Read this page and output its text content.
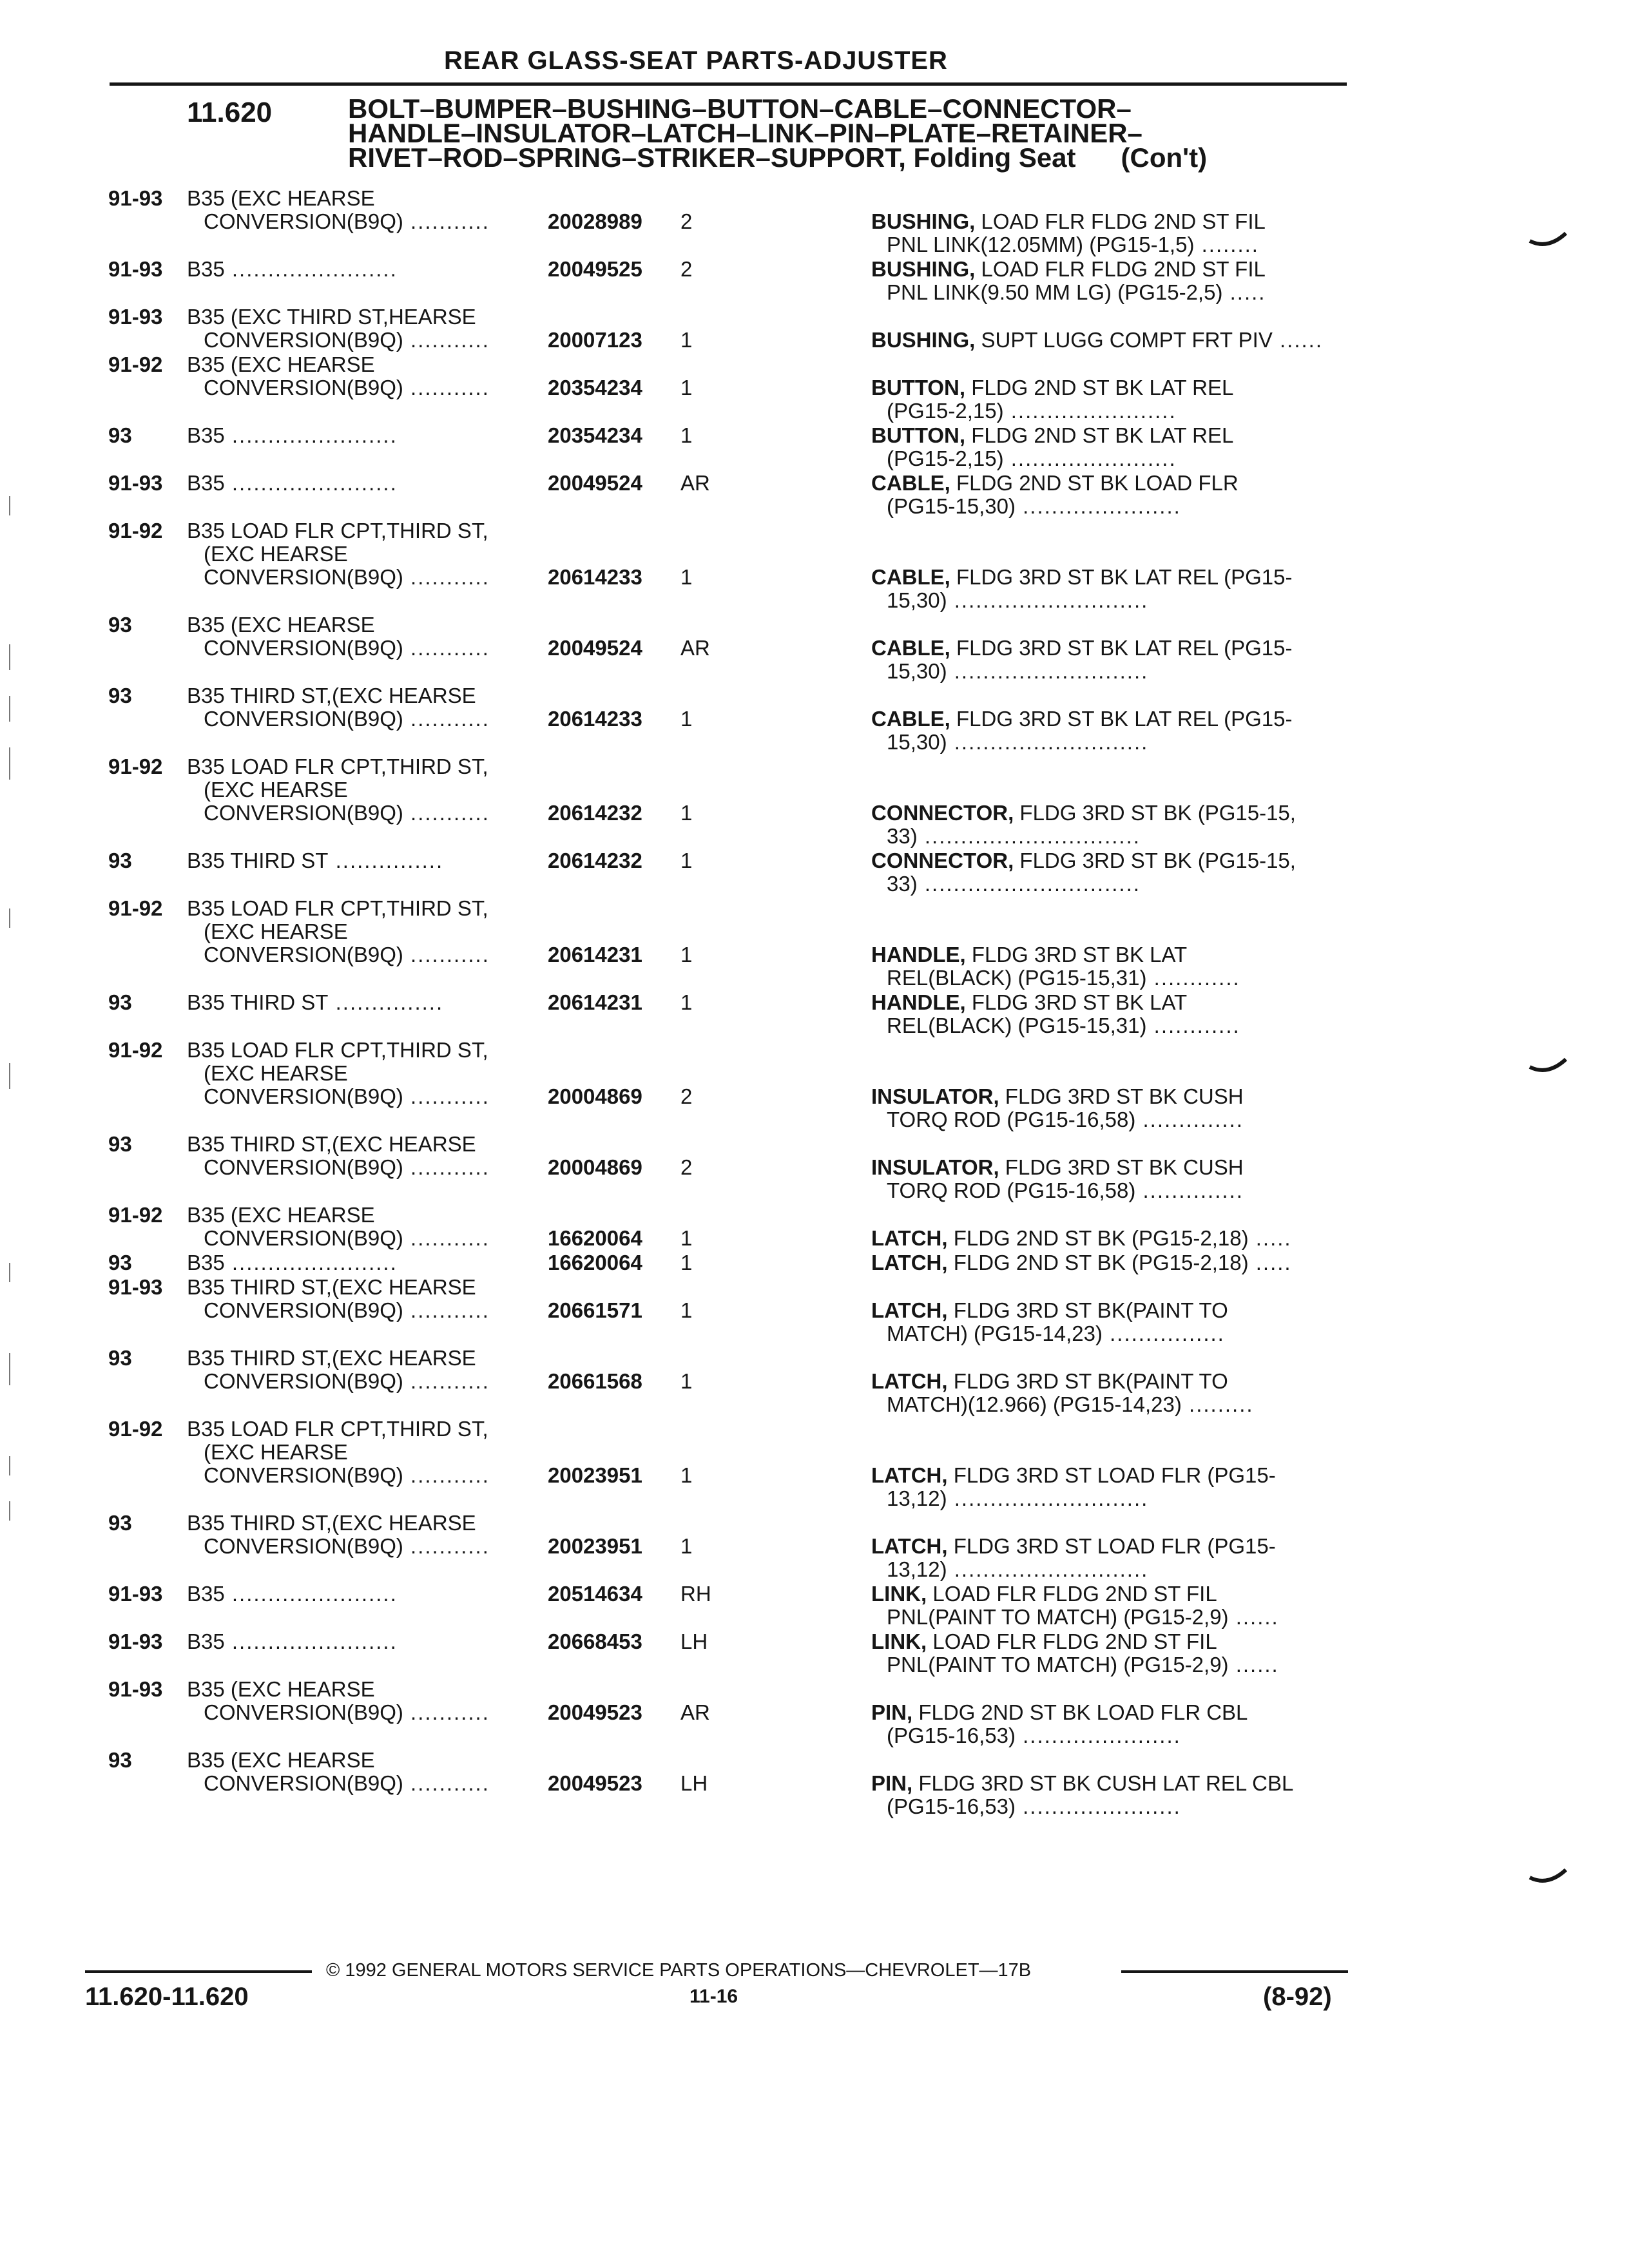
REAR GLASS-SEAT PARTS-ADJUSTER
11.620	BOLT–BUMPER–BUSHING–BUTTON–CABLE–CONNECTOR–
HANDLE–INSULATOR–LATCH–LINK–PIN–PLATE–RETAINER–
RIVET–ROD–SPRING–STRIKER–SUPPORT, Folding Seat (Con't)
91-93 B35 (EXC HEARSE
CONVERSION(B9Q) ...........	20028989 2	BUSHING, LOAD FLR FLDG 2ND ST FIL
PNL LINK(12.05MM) (PG15-1,5) ........
91-93 B35 .......................	20049525 2	BUSHING, LOAD FLR FLDG 2ND ST FIL
PNL LINK(9.50 MM LG) (PG15-2,5) .....
91-93 B35 (EXC THIRD ST,HEARSE
CONVERSION(B9Q) ...........	20007123 1	BUSHING, SUPT LUGG COMPT FRT PIV ......
91-92 B35 (EXC HEARSE
CONVERSION(B9Q) ...........	20354234 1	BUTTON, FLDG 2ND ST BK LAT REL
(PG15-2,15) .......................
93	B35 .......................	20354234 1	BUTTON, FLDG 2ND ST BK LAT REL
(PG15-2,15) .......................
91-93 B35 .......................	20049524 AR	CABLE, FLDG 2ND ST BK LOAD FLR
(PG15-15,30) ......................
91-92 B35 LOAD FLR CPT,THIRD ST,
(EXC HEARSE
CONVERSION(B9Q) ...........	20614233 1	CABLE, FLDG 3RD ST BK LAT REL (PG15-
15,30) ...........................
93	B35 (EXC HEARSE
CONVERSION(B9Q) ...........	20049524 AR	CABLE, FLDG 3RD ST BK LAT REL (PG15-
15,30) ...........................
93	B35 THIRD ST,(EXC HEARSE
CONVERSION(B9Q) ...........	20614233 1	CABLE, FLDG 3RD ST BK LAT REL (PG15-
15,30) ...........................
91-92 B35 LOAD FLR CPT,THIRD ST,
(EXC HEARSE
CONVERSION(B9Q) ...........	20614232 1	CONNECTOR, FLDG 3RD ST BK (PG15-15,
33) ..............................
93	B35 THIRD ST ...............	20614232 1	CONNECTOR, FLDG 3RD ST BK (PG15-15,
33) ..............................
91-92 B35 LOAD FLR CPT,THIRD ST,
(EXC HEARSE
CONVERSION(B9Q) ...........	20614231 1	HANDLE, FLDG 3RD ST BK LAT
REL(BLACK) (PG15-15,31) ............
93	B35 THIRD ST ...............	20614231 1	HANDLE, FLDG 3RD ST BK LAT
REL(BLACK) (PG15-15,31) ............
91-92 B35 LOAD FLR CPT,THIRD ST,
(EXC HEARSE
CONVERSION(B9Q) ...........	20004869 2	INSULATOR, FLDG 3RD ST BK CUSH
TORQ ROD (PG15-16,58) ..............
93	B35 THIRD ST,(EXC HEARSE
CONVERSION(B9Q) ...........	20004869 2	INSULATOR, FLDG 3RD ST BK CUSH
TORQ ROD (PG15-16,58) ..............
91-92 B35 (EXC HEARSE
CONVERSION(B9Q) ...........	16620064 1	LATCH, FLDG 2ND ST BK (PG15-2,18) .....
93	B35 .......................	16620064 1	LATCH, FLDG 2ND ST BK (PG15-2,18) .....
91-93 B35 THIRD ST,(EXC HEARSE
CONVERSION(B9Q) ...........	20661571 1	LATCH, FLDG 3RD ST BK(PAINT TO
MATCH) (PG15-14,23) ................
93	B35 THIRD ST,(EXC HEARSE
CONVERSION(B9Q) ...........	20661568 1	LATCH, FLDG 3RD ST BK(PAINT TO
MATCH)(12.966) (PG15-14,23) .........
91-92 B35 LOAD FLR CPT,THIRD ST,
(EXC HEARSE
CONVERSION(B9Q) ...........	20023951 1	LATCH, FLDG 3RD ST LOAD FLR (PG15-
13,12) ...........................
93	B35 THIRD ST,(EXC HEARSE
CONVERSION(B9Q) ...........	20023951 1	LATCH, FLDG 3RD ST LOAD FLR (PG15-
13,12) ...........................
91-93 B35 .......................	20514634 RH	LINK, LOAD FLR FLDG 2ND ST FIL
PNL(PAINT TO MATCH) (PG15-2,9) ......
91-93 B35 .......................	20668453 LH	LINK, LOAD FLR FLDG 2ND ST FIL
PNL(PAINT TO MATCH) (PG15-2,9) ......
91-93 B35 (EXC HEARSE
CONVERSION(B9Q) ...........	20049523 AR	PIN, FLDG 2ND ST BK LOAD FLR CBL
(PG15-16,53) ......................
93	B35 (EXC HEARSE
CONVERSION(B9Q) ...........	20049523 LH	PIN, FLDG 3RD ST BK CUSH LAT REL CBL
(PG15-16,53) ......................
© 1992 GENERAL MOTORS SERVICE PARTS OPERATIONS—CHEVROLET—17B
11.620-11.620	11-16	(8-92)
